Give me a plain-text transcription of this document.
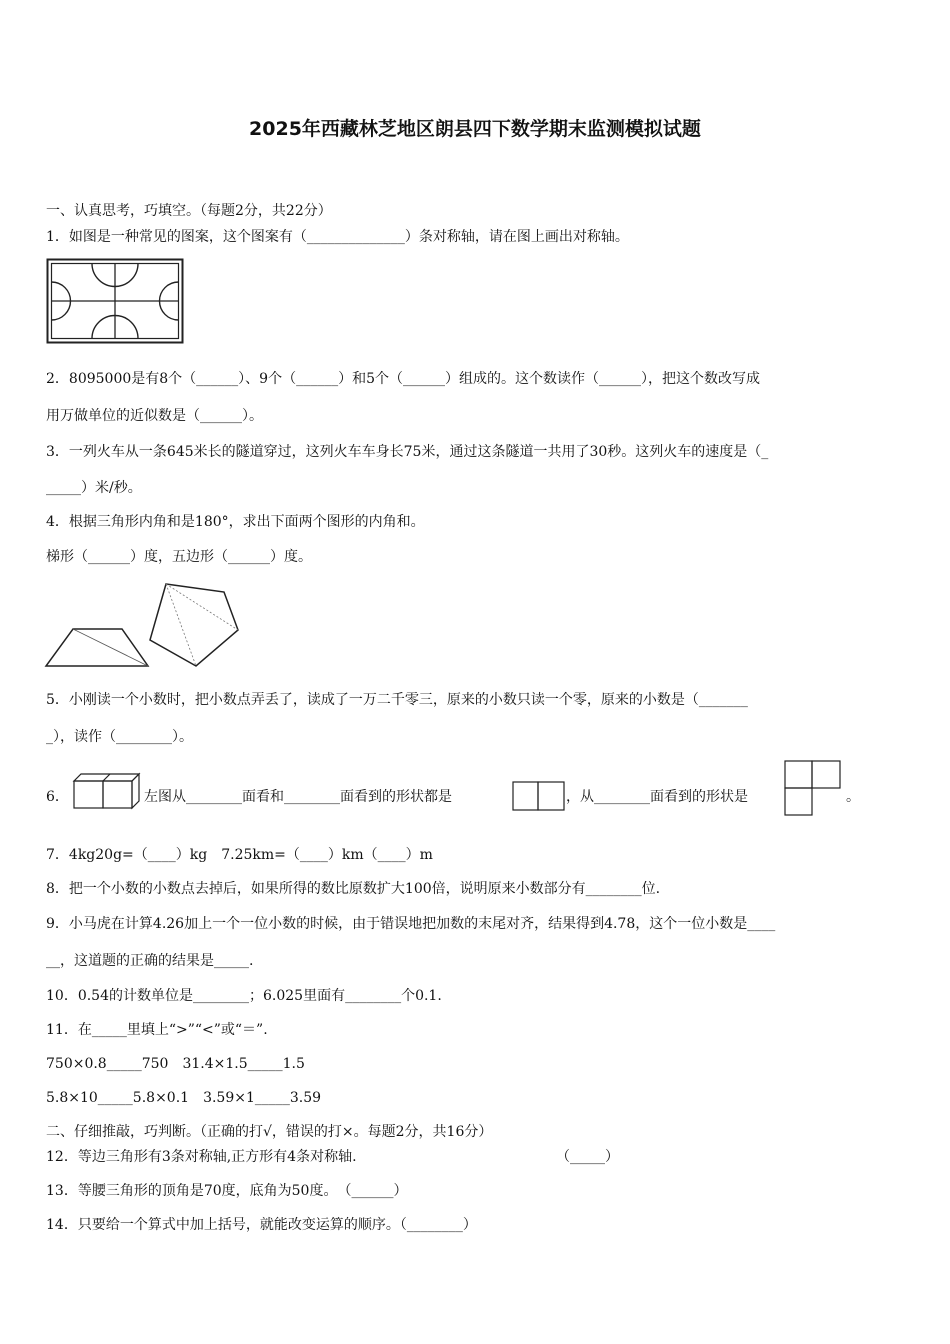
2025年西藏林芝地区朗县四下数学期末监测模拟试题
一、认真思考，巧填空。（每题2分，共22分）
1．如图是一种常见的图案，这个图案有（______________）条对称轴，请在图上画出对称轴。
2．8095000是有8个（______）、9个（______）和5个（______）组成的。这个数读作（______），把这个数改写成
用万做单位的近似数是（______）。
3．一列火车从一条645米长的隧道穿过，这列火车车身长75米，通过这条隧道一共用了30秒。这列火车的速度是（_
_____）米/秒。
4．根据三角形内角和是180°，求出下面两个图形的内角和。
梯形（______）度，五边形（______）度。
5．小刚读一个小数时，把小数点弄丢了，读成了一万二千零三，原来的小数只读一个零，原来的小数是（_______
_），读作（________）。
6．	左图从________面看和________面看到的形状都是	，从________面看到的形状是	。
7．4kg20g=（____）kg　7.25km=（____）km（____）m
8．把一个小数的小数点去掉后，如果所得的数比原数扩大100倍，说明原来小数部分有________位.
9．小马虎在计算4.26加上一个一位小数的时候，由于错误地把加数的末尾对齐，结果得到4.78，这个一位小数是____
__，这道题的正确的结果是_____.
10．0.54的计数单位是________；6.025里面有________个0.1.
11．在_____里填上“>”“<”或“＝”.
750×0.8_____750　31.4×1.5_____1.5
5.8×10_____5.8×0.1　3.59×1_____3.59
二、仔细推敲，巧判断。（正确的打√，错误的打×。每题2分，共16分）
12．等边三角形有3条对称轴,正方形有4条对称轴.	（_____）
13．等腰三角形的顶角是70度，底角为50度。　（______）
14．只要给一个算式中加上括号，就能改变运算的顺序。（________）
